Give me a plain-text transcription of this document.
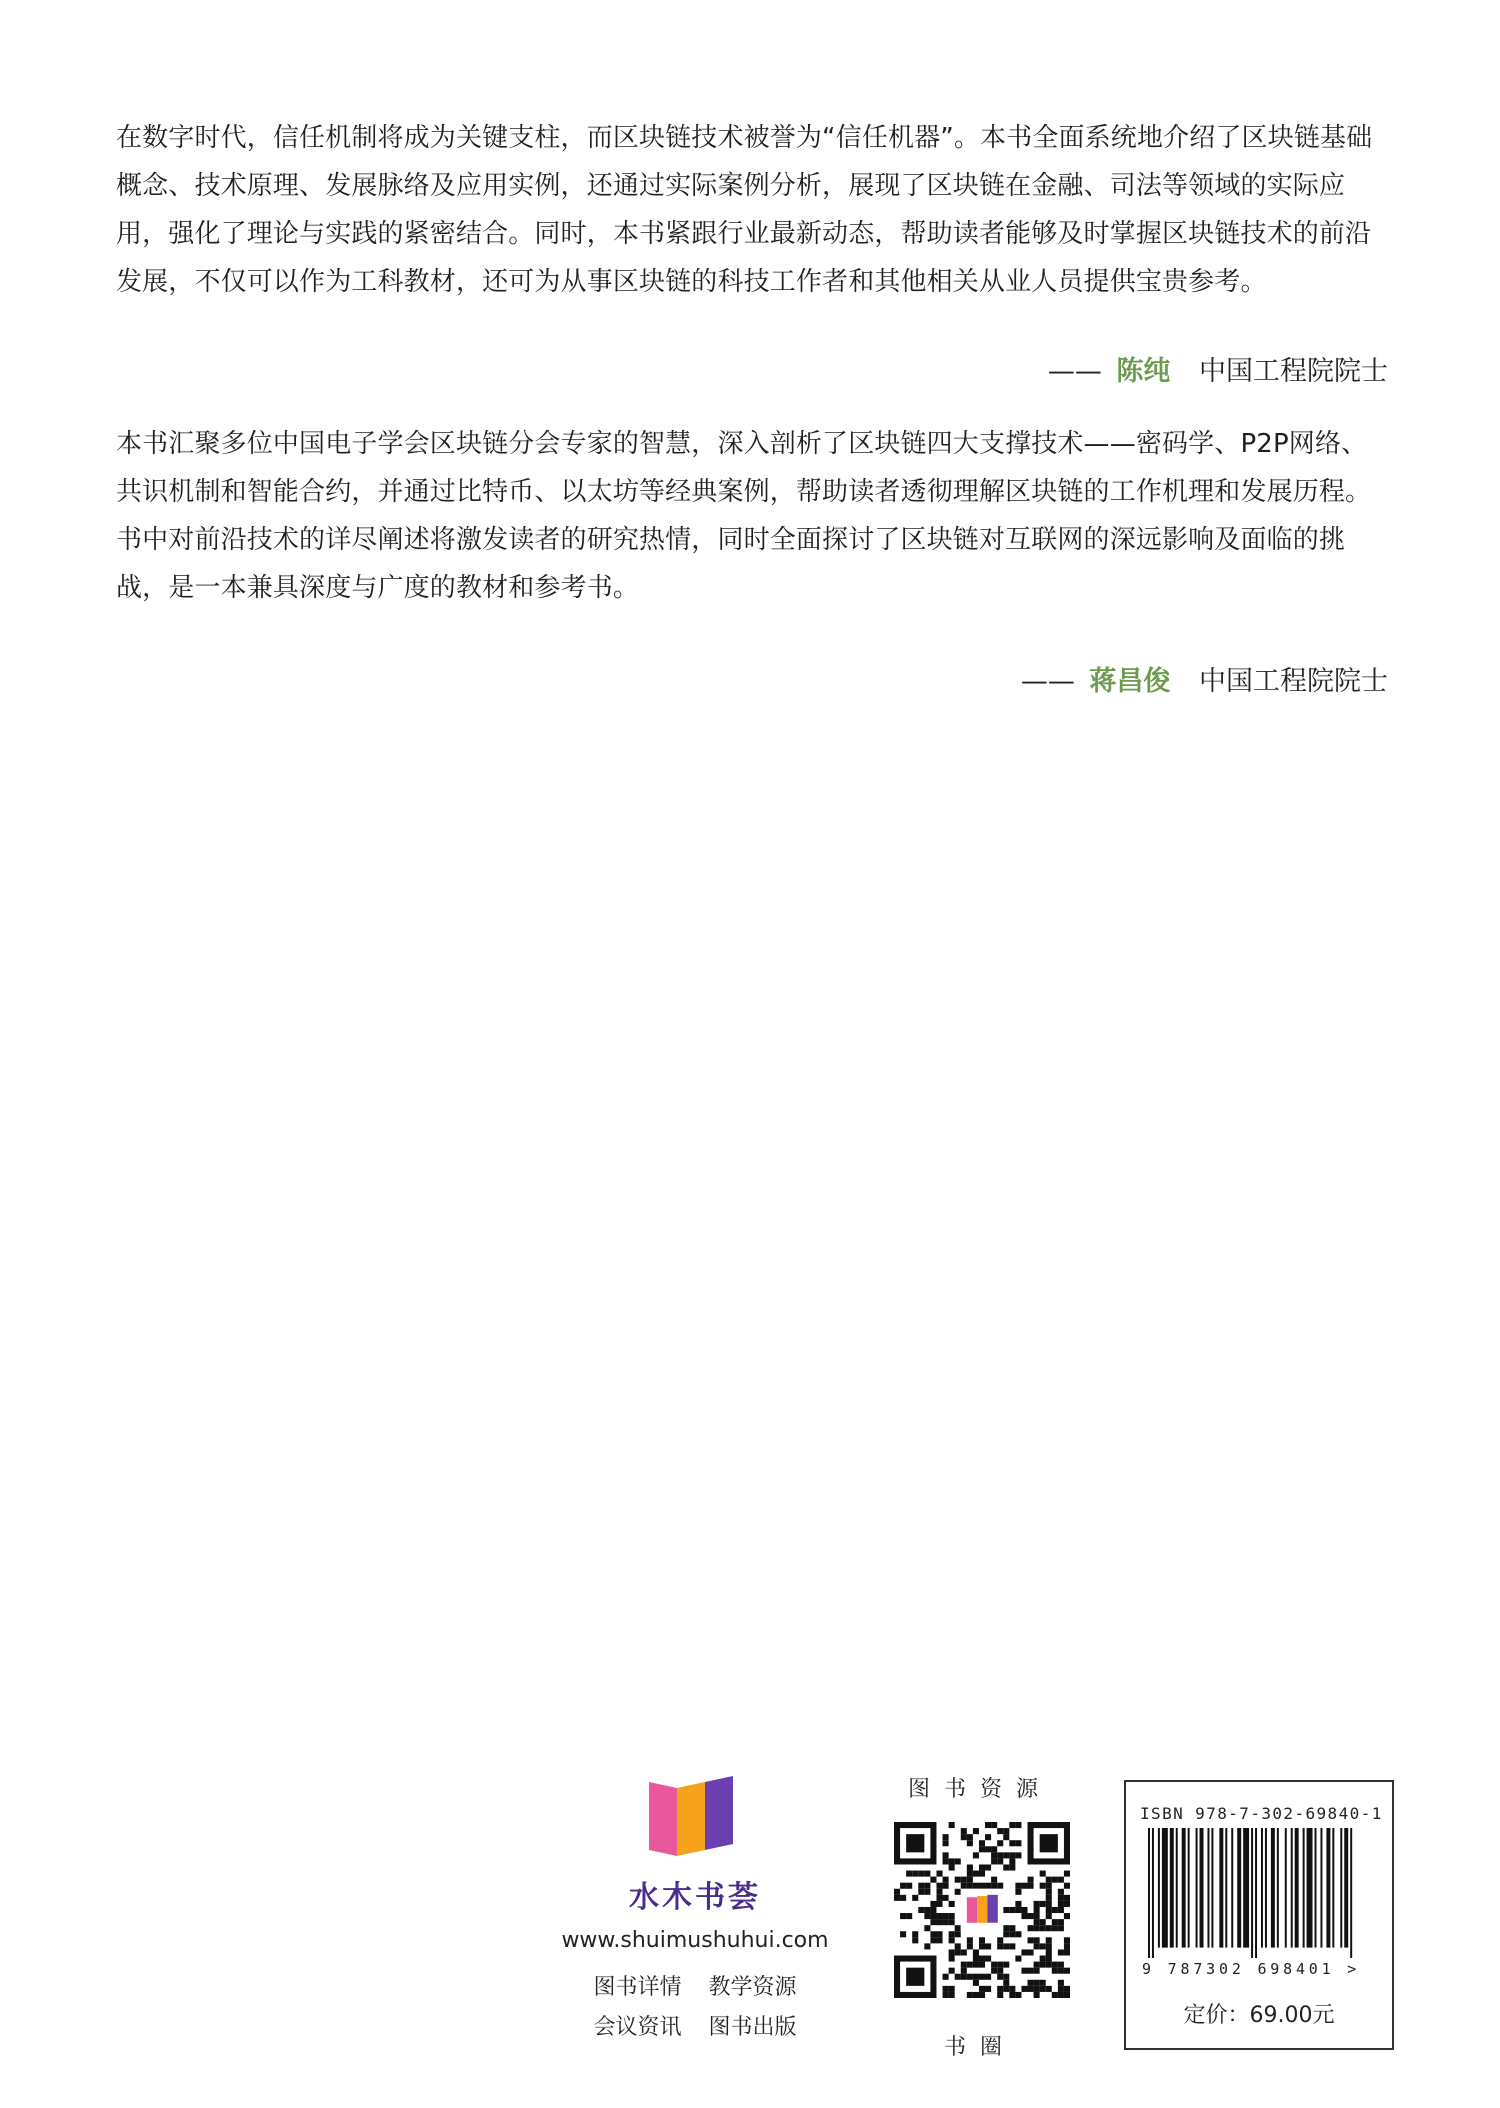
在数字时代，信任机制将成为关键支柱，而区块链技术被誉为“信任机器”。本书全面系统地介绍了区块链基础概念、技术原理、发展脉络及应用实例，还通过实际案例分析，展现了区块链在金融、司法等领域的实际应用，强化了理论与实践的紧密结合。同时，本书紧跟行业最新动态，帮助读者能够及时掌握区块链技术的前沿发展，不仅可以作为工科教材，还可为从事区块链的科技工作者和其他相关从业人员提供宝贵参考。

—— 陈纯 中国工程院院士

本书汇聚多位中国电子学会区块链分会专家的智慧，深入剖析了区块链四大支撑技术——密码学、P2P网络、共识机制和智能合约，并通过比特币、以太坊等经典案例，帮助读者透彻理解区块链的工作机理和发展历程。书中对前沿技术的详尽阐述将激发读者的研究热情，同时全面探讨了区块链对互联网的深远影响及面临的挑战，是一本兼具深度与广度的教材和参考书。

—— 蒋昌俊 中国工程院院士
水木书荟
www.shuimushuhui.com
图书详情 教学资源
会议资讯 图书出版
图书资源
书圈
ISBN 978-7-302-69840-1
9 787302 698401 >
定价：69.00元
